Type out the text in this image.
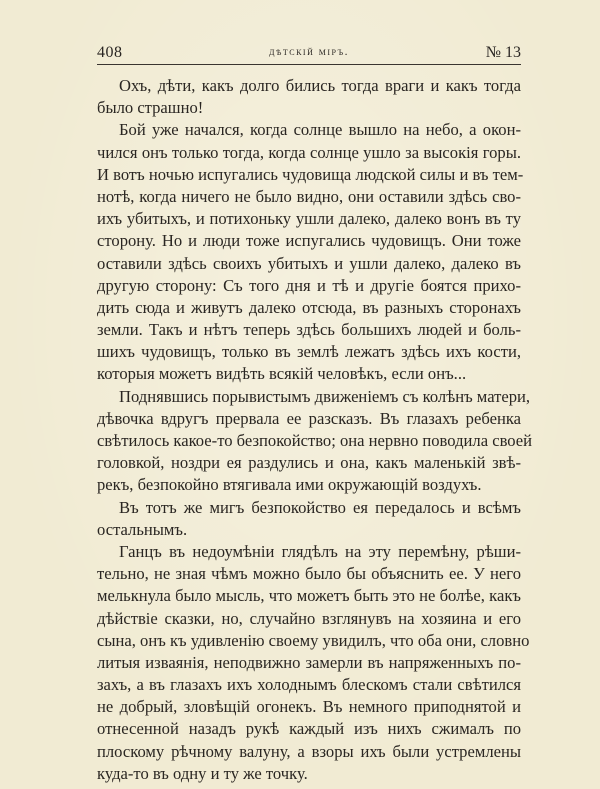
408	дѣтскій міръ.	№ 13
Охъ, дѣти, какъ долго бились тогда враги и какъ тогда
было страшно!
Бой уже начался, когда солнце вышло на небо, а окон-
чился онъ только тогда, когда солнце ушло за высокія горы.
И вотъ ночью испугались чудовища людской силы и въ тем-
нотѣ, когда ничего не было видно, они оставили здѣсь сво-
ихъ убитыхъ, и потихоньку ушли далеко, далеко вонъ въ ту
сторону. Но и люди тоже испугались чудовищъ. Они тоже
оставили здѣсь своихъ убитыхъ и ушли далеко, далеко въ
другую сторону: Съ того дня и тѣ и другіе боятся прихо-
дить сюда и живутъ далеко отсюда, въ разныхъ сторонахъ
земли. Такъ и нѣтъ теперь здѣсь большихъ людей и боль-
шихъ чудовищъ, только въ землѣ лежатъ здѣсь ихъ кости,
которыя можетъ видѣть всякій человѣкъ, если онъ...
Поднявшись порывистымъ движеніемъ съ колѣнъ матери,
дѣвочка вдругъ прервала ее разсказъ. Въ глазахъ ребенка
свѣтилось какое-то безпокойство; она нервно поводила своей
головкой, ноздри ея раздулись и она, какъ маленькій звѣ-
рекъ, безпокойно втягивала ими окружающій воздухъ.
Въ тотъ же мигъ безпокойство ея передалось и всѣмъ
остальнымъ.
Ганцъ въ недоумѣніи глядѣлъ на эту перемѣну, рѣши-
тельно, не зная чѣмъ можно было бы объяснить ее. У него
мелькнула было мысль, что можетъ быть это не болѣе, какъ
дѣйствіе сказки, но, случайно взглянувъ на хозяина и его
сына, онъ къ удивленію своему увидилъ, что оба они, словно
литыя изваянія, неподвижно замерли въ напряженныхъ по-
захъ, а въ глазахъ ихъ холоднымъ блескомъ стали свѣтился
не добрый, зловѣщій огонекъ. Въ немного приподнятой и
отнесенной назадъ рукѣ каждый изъ нихъ сжималъ по
плоскому рѣчному валуну, а взоры ихъ были устремлены
куда-то въ одну и ту же точку.
